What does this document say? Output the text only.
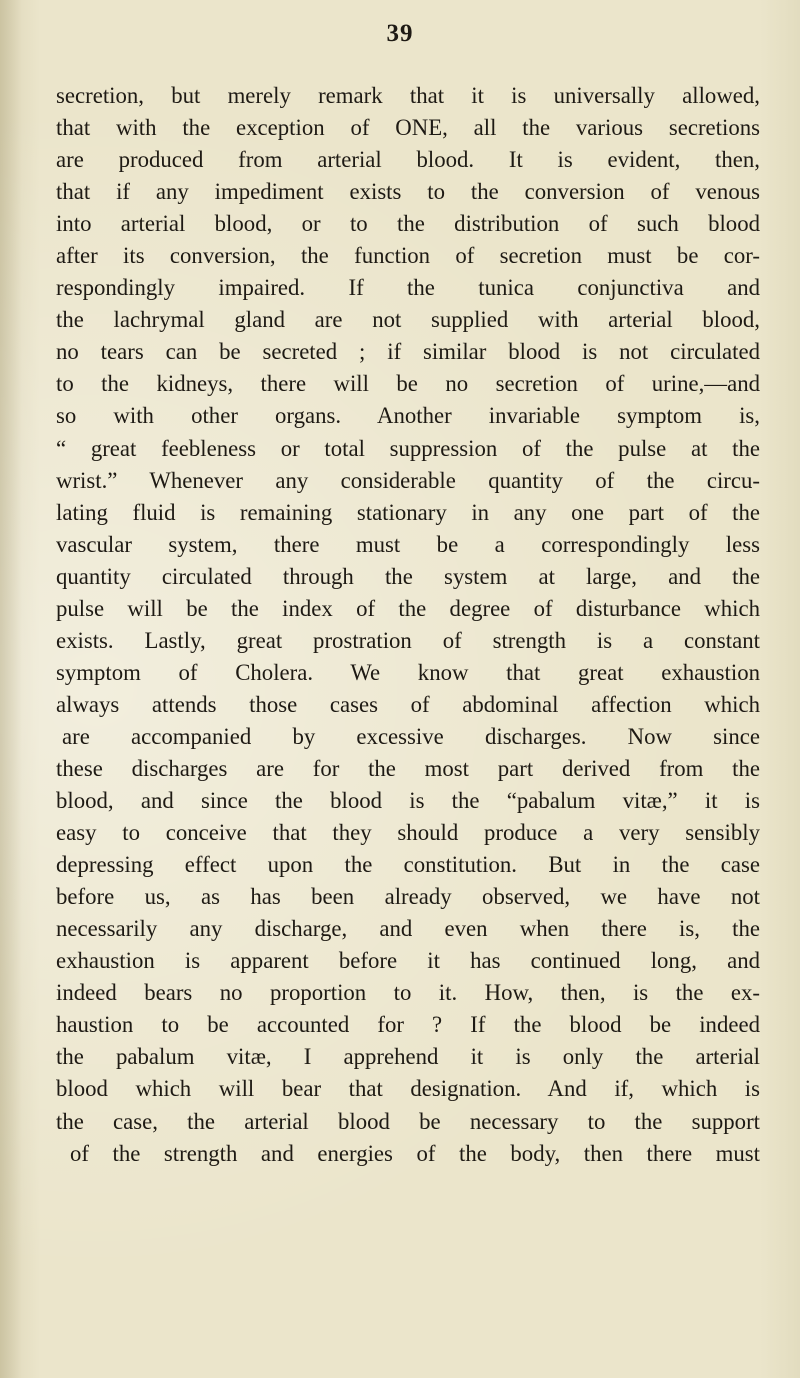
39
secretion, but merely remark that it is universally allowed,
that with the exception of ONE, all the various secretions
are produced from arterial blood. It is evident, then,
that if any impediment exists to the conversion of venous
into arterial blood, or to the distribution of such blood
after its conversion, the function of secretion must be cor-
respondingly impaired. If the tunica conjunctiva and
the lachrymal gland are not supplied with arterial blood,
no tears can be secreted ; if similar blood is not circulated
to the kidneys, there will be no secretion of urine,—and
so with other organs. Another invariable symptom is,
“ great feebleness or total suppression of the pulse at the
wrist.” Whenever any considerable quantity of the circu-
lating fluid is remaining stationary in any one part of the
vascular system, there must be a correspondingly less
quantity circulated through the system at large, and the
pulse will be the index of the degree of disturbance which
exists. Lastly, great prostration of strength is a constant
symptom of Cholera. We know that great exhaustion
always attends those cases of abdominal affection which
are accompanied by excessive discharges. Now since
these discharges are for the most part derived from the
blood, and since the blood is the “pabalum vitæ,” it is
easy to conceive that they should produce a very sensibly
depressing effect upon the constitution. But in the case
before us, as has been already observed, we have not
necessarily any discharge, and even when there is, the
exhaustion is apparent before it has continued long, and
indeed bears no proportion to it. How, then, is the ex-
haustion to be accounted for ? If the blood be indeed
the pabalum vitæ, I apprehend it is only the arterial
blood which will bear that designation. And if, which is
the case, the arterial blood be necessary to the support
of the strength and energies of the body, then there must
